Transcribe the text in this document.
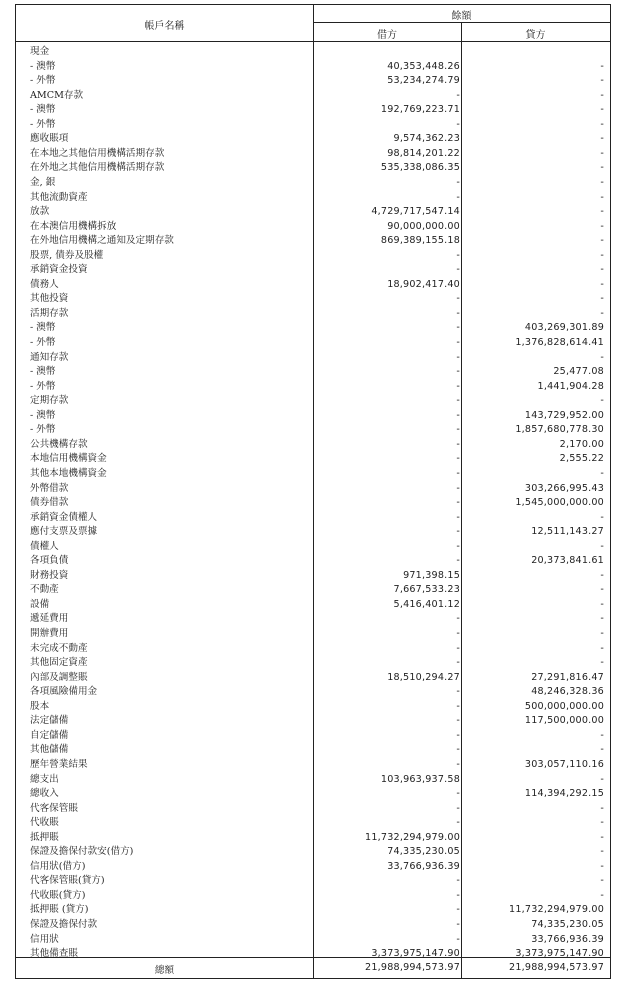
帳戶名稱
餘額
借方	貸方
現金
- 澳幣	40,353,448.26	-
- 外幣	53,234,274.79	-
AMCM存款	-	-
- 澳幣	192,769,223.71	-
- 外幣	-	-
應收賬項	9,574,362.23	-
在本地之其他信用機構活期存款	98,814,201.22	-
在外地之其他信用機構活期存款	535,338,086.35	-
金, 銀	-	-
其他流動資產	-	-
放款	4,729,717,547.14	-
在本澳信用機構拆放	90,000,000.00	-
在外地信用機構之通知及定期存款	869,389,155.18	-
股票, 債券及股權	-	-
承銷資金投資	-	-
債務人	18,902,417.40	-
其他投資	-	-
活期存款	-	-
- 澳幣	-	403,269,301.89
- 外幣	-	1,376,828,614.41
通知存款	-	-
- 澳幣	-	25,477.08
- 外幣	-	1,441,904.28
定期存款	-	-
- 澳幣	-	143,729,952.00
- 外幣	-	1,857,680,778.30
公共機構存款	-	2,170.00
本地信用機構資金	-	2,555.22
其他本地機構資金	-	-
外幣借款	-	303,266,995.43
債券借款	-	1,545,000,000.00
承銷資金債權人	-	-
應付支票及票據	-	12,511,143.27
債權人	-	-
各項負債	-	20,373,841.61
財務投資	971,398.15	-
不動產	7,667,533.23	-
設備	5,416,401.12	-
遞延費用	-	-
開辦費用	-	-
未完成不動產	-	-
其他固定資產	-	-
內部及調整賬	18,510,294.27	27,291,816.47
各項風險備用金	-	48,246,328.36
股本	-	500,000,000.00
法定儲備	-	117,500,000.00
自定儲備	-	-
其他儲備	-	-
歷年營業結果	-	303,057,110.16
總支出	103,963,937.58	-
總收入	-	114,394,292.15
代客保管賬	-	-
代收賬	-	-
抵押賬	11,732,294,979.00	-
保證及擔保付款安(借方)	74,335,230.05	-
信用狀(借方)	33,766,936.39	-
代客保管賬(貸方)	-	-
代收賬(貸方)	-	-
抵押賬 (貸方)	-	11,732,294,979.00
保證及擔保付款	-	74,335,230.05
信用狀	-	33,766,936.39
其他備查賬	3,373,975,147.90	3,373,975,147.90
總額	21,988,994,573.97	21,988,994,573.97
